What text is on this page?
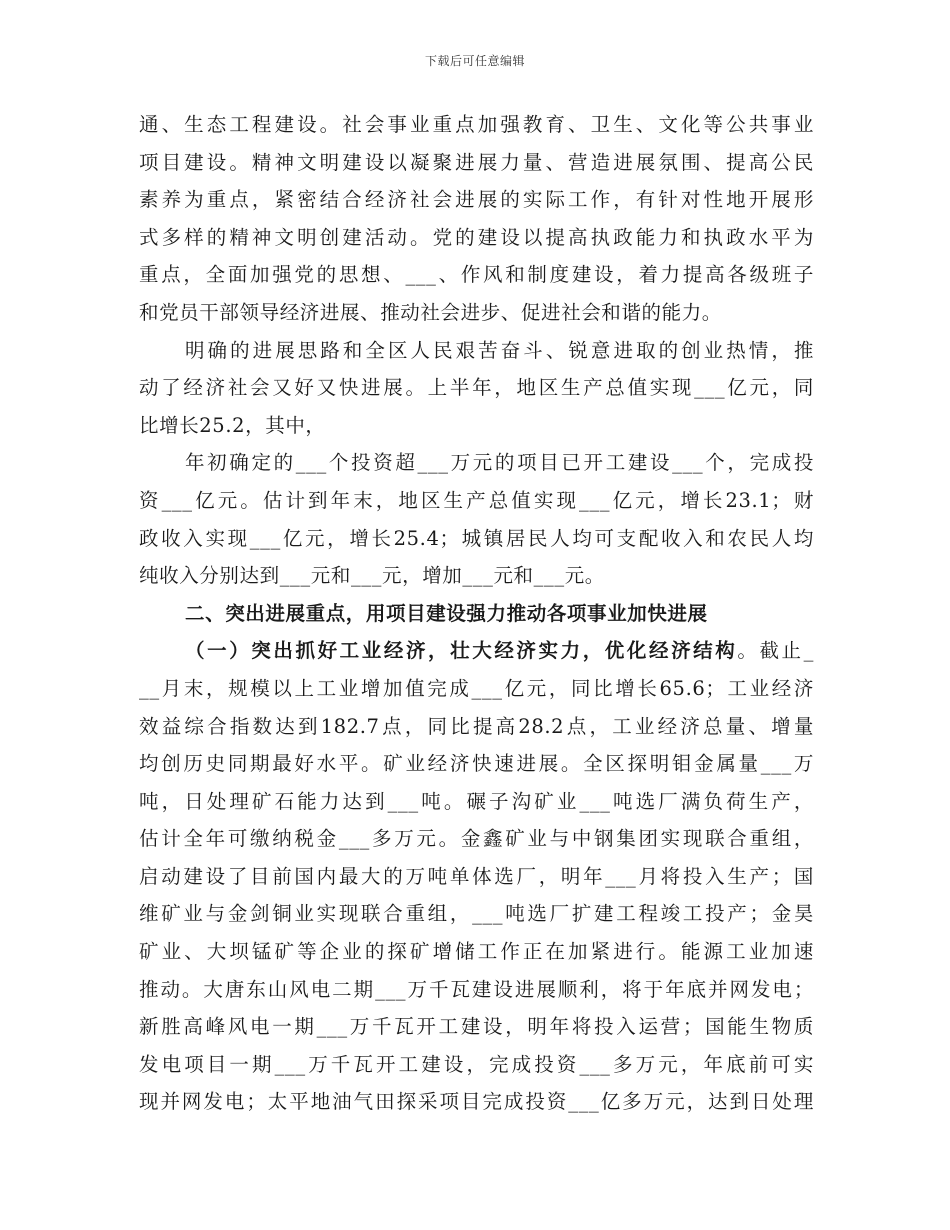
下载后可任意编辑
通、生态工程建设。社会事业重点加强教育、卫生、文化等公共事业
项目建设。精神文明建设以凝聚进展力量、营造进展氛围、提高公民
素养为重点，紧密结合经济社会进展的实际工作，有针对性地开展形
式多样的精神文明创建活动。党的建设以提高执政能力和执政水平为
重点，全面加强党的思想、___、作风和制度建设，着力提高各级班子
和党员干部领导经济进展、推动社会进步、促进社会和谐的能力。
明确的进展思路和全区人民艰苦奋斗、锐意进取的创业热情，推
动了经济社会又好又快进展。上半年，地区生产总值实现___亿元，同
比增长25.2，其中，
年初确定的___个投资超___万元的项目已开工建设___个，完成投
资___亿元。估计到年末，地区生产总值实现___亿元，增长23.1；财
政收入实现___亿元，增长25.4；城镇居民人均可支配收入和农民人均
纯收入分别达到___元和___元，增加___元和___元。
二、突出进展重点，用项目建设强力推动各项事业加快进展
（一）突出抓好工业经济，壮大经济实力，优化经济结构。截止_
__月末，规模以上工业增加值完成___亿元，同比增长65.6；工业经济
效益综合指数达到182.7点，同比提高28.2点，工业经济总量、增量
均创历史同期最好水平。矿业经济快速进展。全区探明钼金属量___万
吨，日处理矿石能力达到___吨。碾子沟矿业___吨选厂满负荷生产，
估计全年可缴纳税金___多万元。金鑫矿业与中钢集团实现联合重组，
启动建设了目前国内最大的万吨单体选厂，明年___月将投入生产；国
维矿业与金剑铜业实现联合重组，___吨选厂扩建工程竣工投产；金昊
矿业、大坝锰矿等企业的探矿增储工作正在加紧进行。能源工业加速
推动。大唐东山风电二期___万千瓦建设进展顺利，将于年底并网发电；
新胜高峰风电一期___万千瓦开工建设，明年将投入运营；国能生物质
发电项目一期___万千瓦开工建设，完成投资___多万元，年底前可实
现并网发电；太平地油气田探采项目完成投资___亿多万元，达到日处理
